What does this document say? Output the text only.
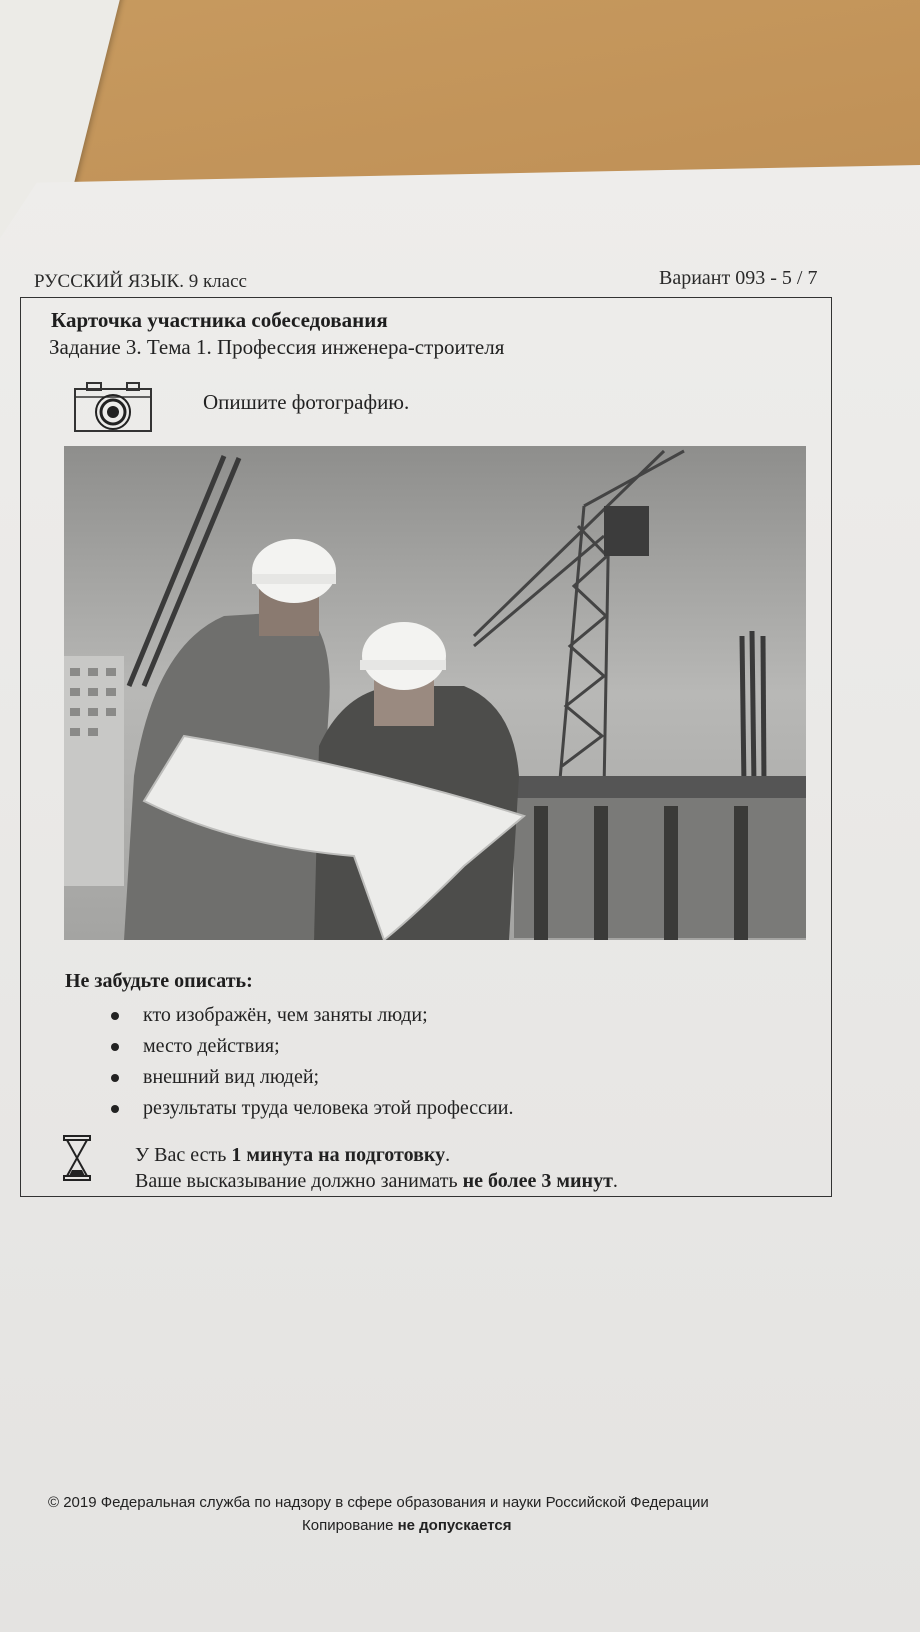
РУССКИЙ ЯЗЫК. 9 класс	Вариант 093 - 5 / 7
Карточка участника собеседования
Задание 3. Тема 1. Профессия инженера-строителя
Опишите фотографию.
Не забудьте описать:
кто изображён, чем заняты люди;
место действия;
внешний вид людей;
результаты труда человека этой профессии.
У Вас есть 1 минута на подготовку.
Ваше высказывание должно занимать не более 3 минут.
© 2019 Федеральная служба по надзору в сфере образования и науки Российской Федерации
Копирование не допускается
